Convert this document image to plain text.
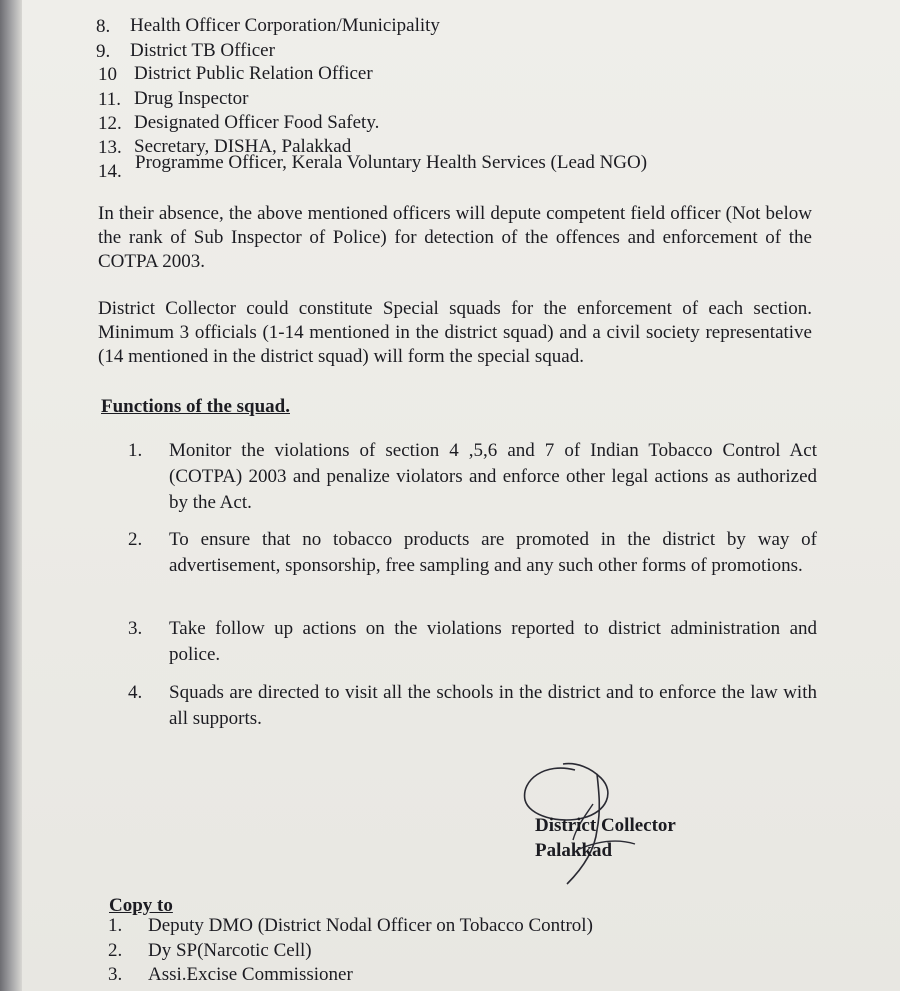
8. Health Officer Corporation/Municipality
9. District TB Officer
10 District Public Relation Officer
11. Drug Inspector
12. Designated Officer Food Safety.
13. Secretary, DISHA, Palakkad
14. Programme Officer, Kerala Voluntary Health Services (Lead NGO)
In their absence, the above mentioned officers will depute competent field officer (Not below the rank of Sub Inspector of Police) for detection of the offences and enforcement of the COTPA 2003.
District Collector could constitute Special squads for the enforcement of each section. Minimum 3 officials (1-14 mentioned in the district squad) and a civil society representative (14 mentioned in the district squad) will form the special squad.
Functions of the squad.
1. Monitor the violations of section 4 ,5,6 and 7 of Indian Tobacco Control Act (COTPA) 2003 and penalize violators and enforce other legal actions as authorized by the Act.
2. To ensure that no tobacco products are promoted in the district by way of advertisement, sponsorship, free sampling and any such other forms of promotions.
3. Take follow up actions on the violations reported to district administration and police.
4. Squads are directed to visit all the schools in the district and to enforce the law with all supports.
District Collector
Palakkad
Copy to
1. Deputy DMO (District Nodal Officer on Tobacco Control)
2. Dy SP(Narcotic Cell)
3. Assi.Excise Commissioner
